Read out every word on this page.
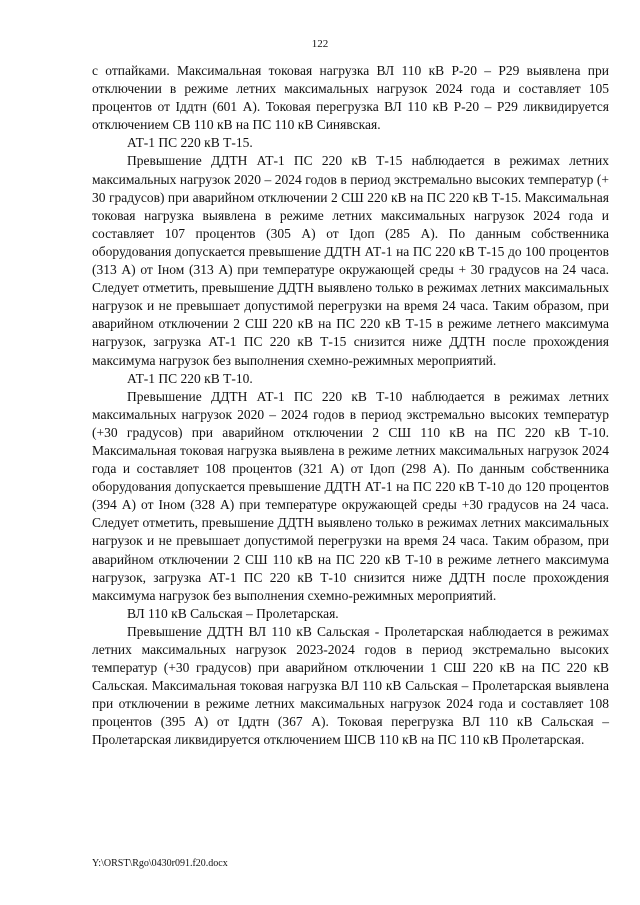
122

с отпайками. Максимальная токовая нагрузка ВЛ 110 кВ Р-20 – Р29 выявлена при отключении в режиме летних максимальных нагрузок 2024 года и составляет 105 процентов от Iддтн (601 А). Токовая перегрузка ВЛ 110 кВ Р-20 – Р29 ликвидируется отключением СВ 110 кВ на ПС 110 кВ Синявская.

АТ-1 ПС 220 кВ Т-15.

Превышение ДДТН АТ-1 ПС 220 кВ Т-15 наблюдается в режимах летних максимальных нагрузок 2020 – 2024 годов в период экстремально высоких температур (+ 30 градусов) при аварийном отключении 2 СШ 220 кВ на ПС 220 кВ Т-15. Максимальная токовая нагрузка выявлена в режиме летних максимальных нагрузок 2024 года и составляет 107 процентов (305 А) от Iдоп (285 А). По данным собственника оборудования допускается превышение ДДТН АТ-1 на ПС 220 кВ Т-15 до 100 процентов (313 А) от Iном (313 А) при температуре окружающей среды + 30 градусов на 24 часа. Следует отметить, превышение ДДТН выявлено только в режимах летних максимальных нагрузок и не превышает допустимой перегрузки на время 24 часа. Таким образом, при аварийном отключении 2 СШ 220 кВ на ПС 220 кВ Т-15 в режиме летнего максимума нагрузок, загрузка АТ-1 ПС 220 кВ Т-15 снизится ниже ДДТН после прохождения максимума нагрузок без выполнения схемно-режимных мероприятий.

АТ-1 ПС 220 кВ Т-10.

Превышение ДДТН АТ-1 ПС 220 кВ Т-10 наблюдается в режимах летних максимальных нагрузок 2020 – 2024 годов в период экстремально высоких температур (+30 градусов) при аварийном отключении 2 СШ 110 кВ на ПС 220 кВ Т-10. Максимальная токовая нагрузка выявлена в режиме летних максимальных нагрузок 2024 года и составляет 108 процентов (321 А) от Iдоп (298 А). По данным собственника оборудования допускается превышение ДДТН АТ-1 на ПС 220 кВ Т-10 до 120 процентов (394 А) от Iном (328 А) при температуре окружающей среды +30 градусов на 24 часа. Следует отметить, превышение ДДТН выявлено только в режимах летних максимальных нагрузок и не превышает допустимой перегрузки на время 24 часа. Таким образом, при аварийном отключении 2 СШ 110 кВ на ПС 220 кВ Т-10 в режиме летнего максимума нагрузок, загрузка АТ-1 ПС 220 кВ Т-10 снизится ниже ДДТН после прохождения максимума нагрузок без выполнения схемно-режимных мероприятий.

ВЛ 110 кВ Сальская – Пролетарская.

Превышение ДДТН ВЛ 110 кВ Сальская - Пролетарская наблюдается в режимах летних максимальных нагрузок 2023-2024 годов в период экстремально высоких температур (+30 градусов) при аварийном отключении 1 СШ 220 кВ на ПС 220 кВ Сальская. Максимальная токовая нагрузка ВЛ 110 кВ Сальская – Пролетарская выявлена при отключении в режиме летних максимальных нагрузок 2024 года и составляет 108 процентов (395 А) от Iддтн (367 А). Токовая перегрузка ВЛ 110 кВ Сальская – Пролетарская ликвидируется отключением ШСВ 110 кВ на ПС 110 кВ Пролетарская.

Y:\ORST\Rgo\0430r091.f20.docx
